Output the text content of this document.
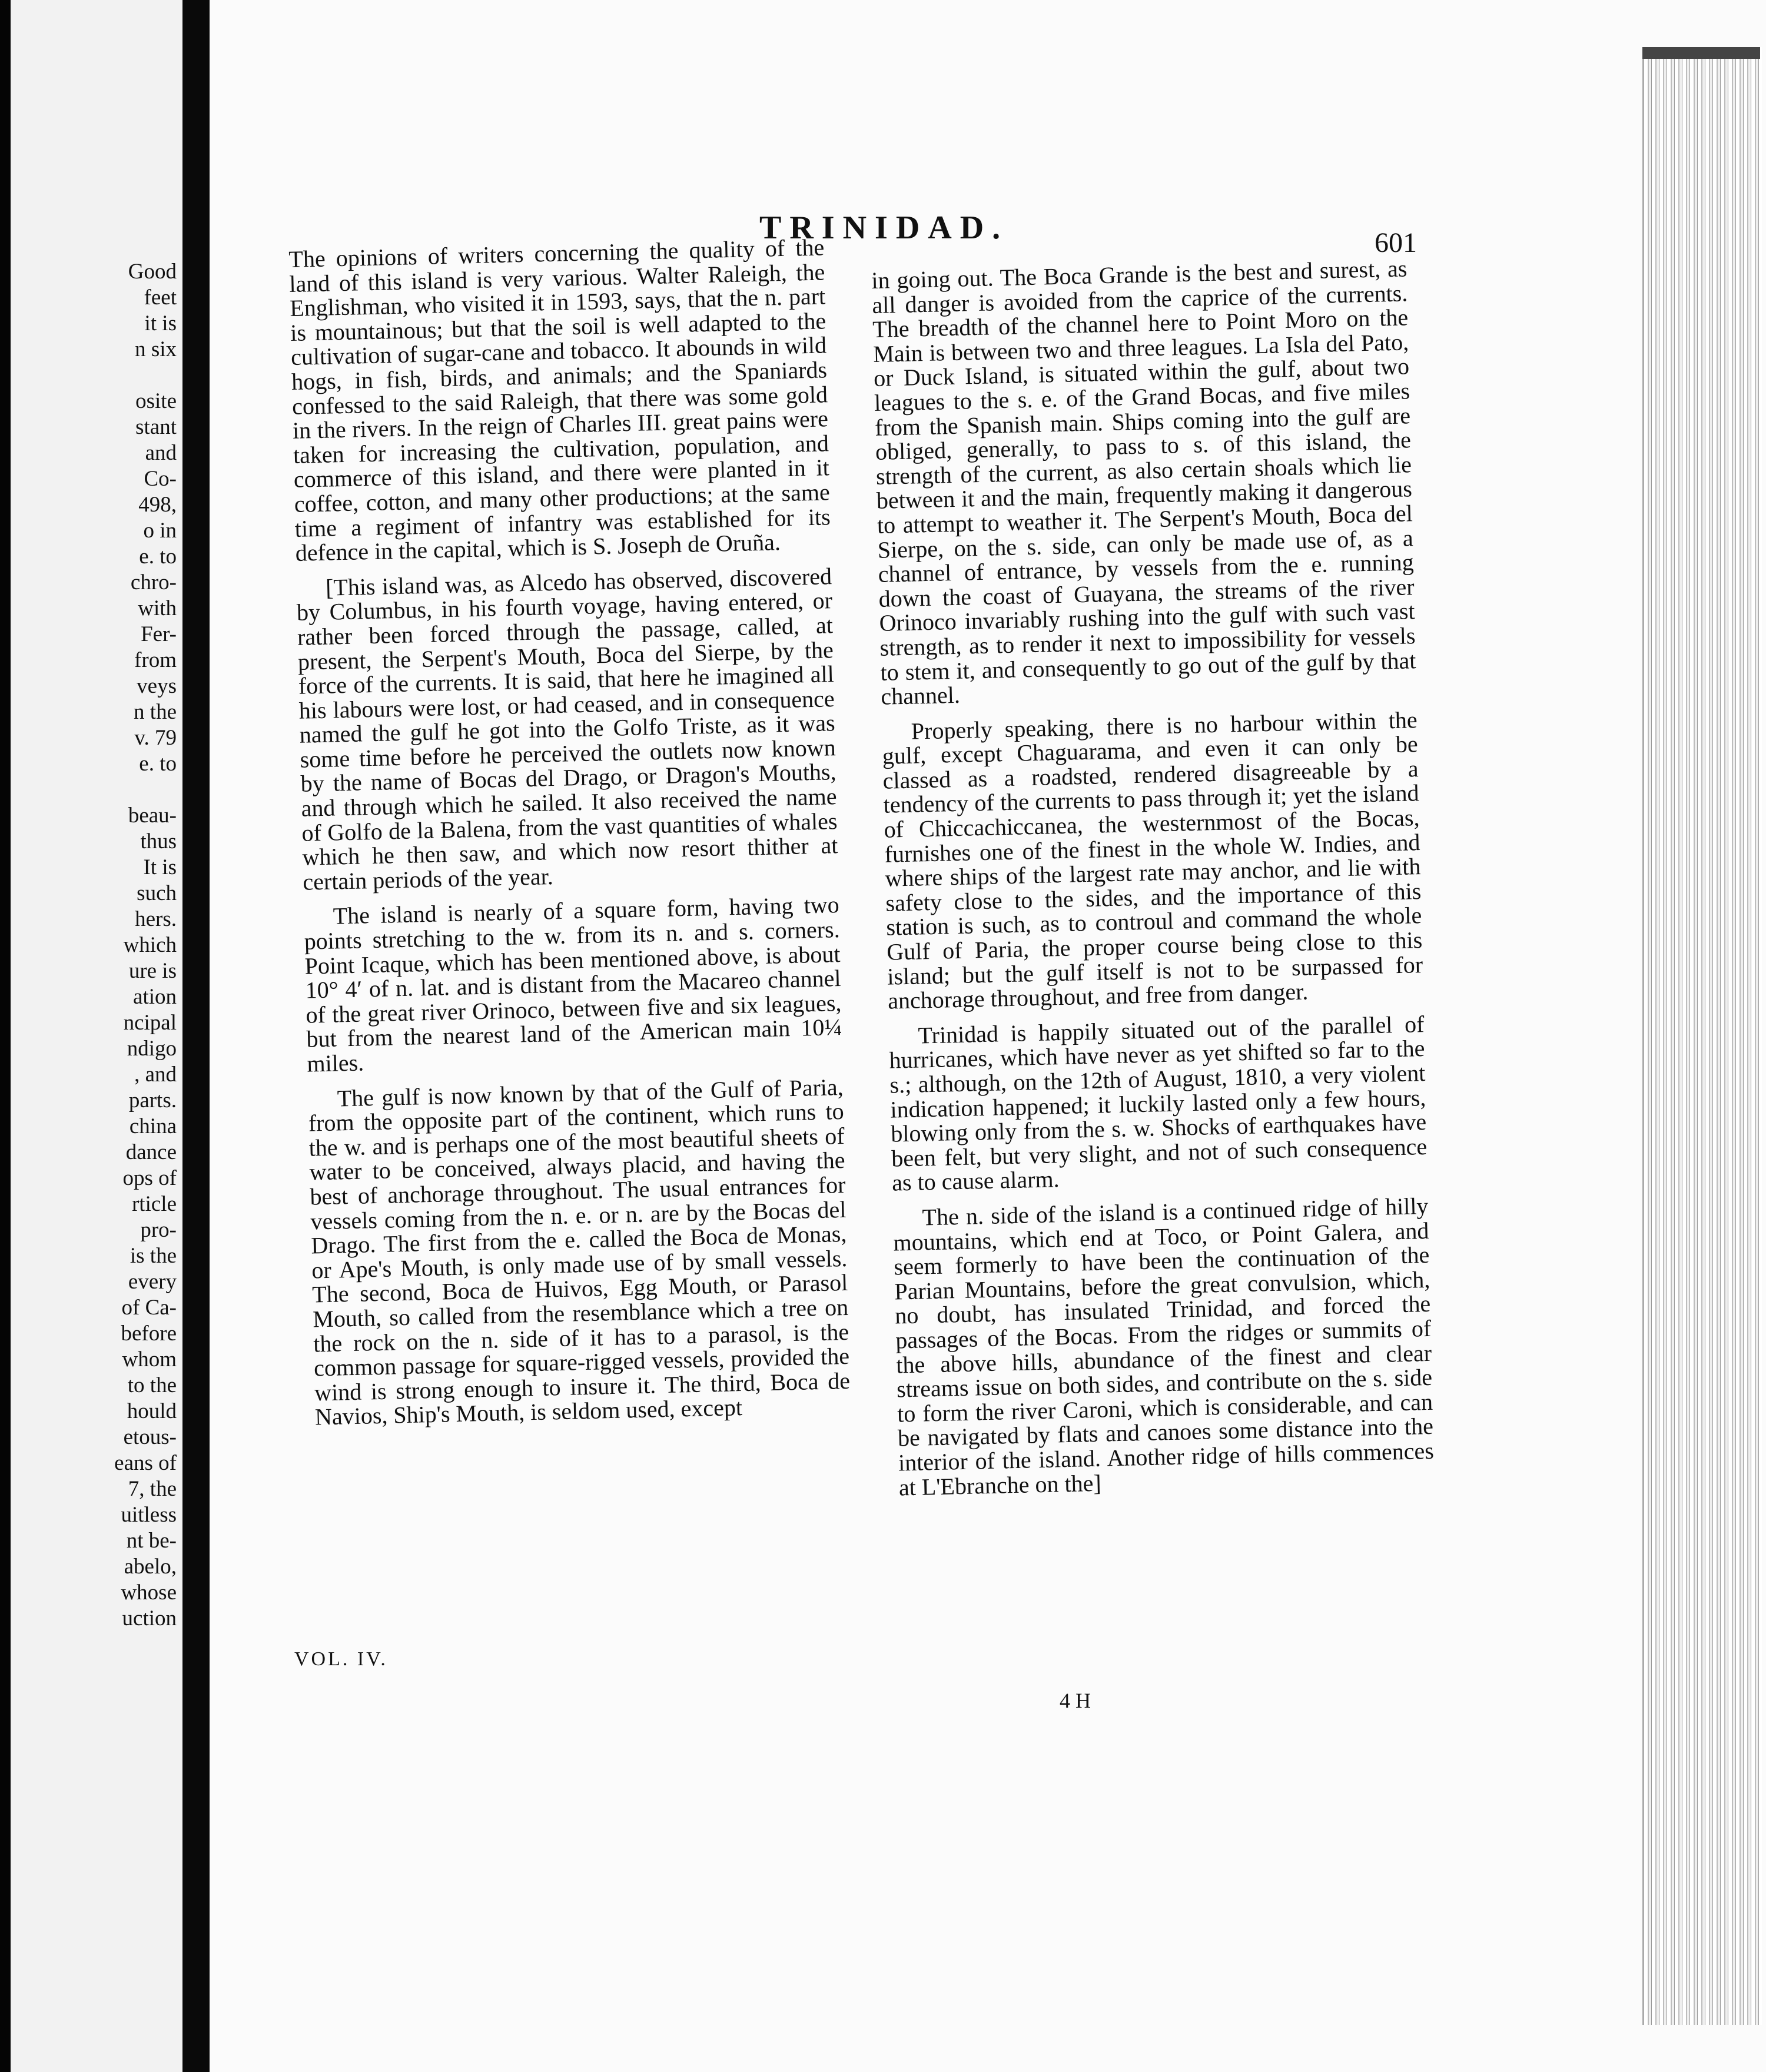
Good
feet
it is
n six
osite
stant
and
Co-
498,
o in
e. to
chro-
with
Fer-
from
veys
n the
v. 79
e. to
beau-
thus
It is
such
hers.
which
ure is
ation
ncipal
ndigo
, and
parts.
china
dance
ops of
rticle
pro-
is the
every
of Ca-
before
whom
to the
hould
etous-
eans of
7, the
uitless
nt be-
abelo,
whose
uction
TRINIDAD.	601

The opinions of writers concerning the quality of the land of this island is very various. Walter Raleigh, the Englishman, who visited it in 1593, says, that the n. part is mountainous; but that the soil is well adapted to the cultivation of sugar-cane and tobacco. It abounds in wild hogs, in fish, birds, and animals; and the Spaniards confessed to the said Raleigh, that there was some gold in the rivers. In the reign of Charles III. great pains were taken for increasing the cultivation, population, and commerce of this island, and there were planted in it coffee, cotton, and many other productions; at the same time a regiment of infantry was established for its defence in the capital, which is S. Joseph de Oruña.

[This island was, as Alcedo has observed, discovered by Columbus, in his fourth voyage, having entered, or rather been forced through the passage, called, at present, the Serpent's Mouth, Boca del Sierpe, by the force of the currents. It is said, that here he imagined all his labours were lost, or had ceased, and in consequence named the gulf he got into the Golfo Triste, as it was some time before he perceived the outlets now known by the name of Bocas del Drago, or Dragon's Mouths, and through which he sailed. It also received the name of Golfo de la Balena, from the vast quantities of whales which he then saw, and which now resort thither at certain periods of the year.

The island is nearly of a square form, having two points stretching to the w. from its n. and s. corners. Point Icaque, which has been mentioned above, is about 10° 4′ of n. lat. and is distant from the Macareo channel of the great river Orinoco, between five and six leagues, but from the nearest land of the American main 10¼ miles.

The gulf is now known by that of the Gulf of Paria, from the opposite part of the continent, which runs to the w. and is perhaps one of the most beautiful sheets of water to be conceived, always placid, and having the best of anchorage throughout. The usual entrances for vessels coming from the n. e. or n. are by the Bocas del Drago. The first from the e. called the Boca de Monas, or Ape's Mouth, is only made use of by small vessels. The second, Boca de Huivos, Egg Mouth, or Parasol Mouth, so called from the resemblance which a tree on the rock on the n. side of it has to a parasol, is the common passage for square-rigged vessels, provided the wind is strong enough to insure it. The third, Boca de Navios, Ship's Mouth, is seldom used, except

in going out. The Boca Grande is the best and surest, as all danger is avoided from the caprice of the currents. The breadth of the channel here to Point Moro on the Main is between two and three leagues. La Isla del Pato, or Duck Island, is situated within the gulf, about two leagues to the s. e. of the Grand Bocas, and five miles from the Spanish main. Ships coming into the gulf are obliged, generally, to pass to s. of this island, the strength of the current, as also certain shoals which lie between it and the main, frequently making it dangerous to attempt to weather it. The Serpent's Mouth, Boca del Sierpe, on the s. side, can only be made use of, as a channel of entrance, by vessels from the e. running down the coast of Guayana, the streams of the river Orinoco invariably rushing into the gulf with such vast strength, as to render it next to impossibility for vessels to stem it, and consequently to go out of the gulf by that channel.

Properly speaking, there is no harbour within the gulf, except Chaguarama, and even it can only be classed as a roadsted, rendered disagreeable by a tendency of the currents to pass through it; yet the island of Chiccachiccanea, the westernmost of the Bocas, furnishes one of the finest in the whole W. Indies, and where ships of the largest rate may anchor, and lie with safety close to the sides, and the importance of this station is such, as to controul and command the whole Gulf of Paria, the proper course being close to this island; but the gulf itself is not to be surpassed for anchorage throughout, and free from danger.

Trinidad is happily situated out of the parallel of hurricanes, which have never as yet shifted so far to the s.; although, on the 12th of August, 1810, a very violent indication happened; it luckily lasted only a few hours, blowing only from the s. w. Shocks of earthquakes have been felt, but very slight, and not of such consequence as to cause alarm.

The n. side of the island is a continued ridge of hilly mountains, which end at Toco, or Point Galera, and seem formerly to have been the continuation of the Parian Mountains, before the great convulsion, which, no doubt, has insulated Trinidad, and forced the passages of the Bocas. From the ridges or summits of the above hills, abundance of the finest and clear streams issue on both sides, and contribute on the s. side to form the river Caroni, which is considerable, and can be navigated by flats and canoes some distance into the interior of the island. Another ridge of hills commences at L'Ebranche on the]

VOL. IV.
4 H
